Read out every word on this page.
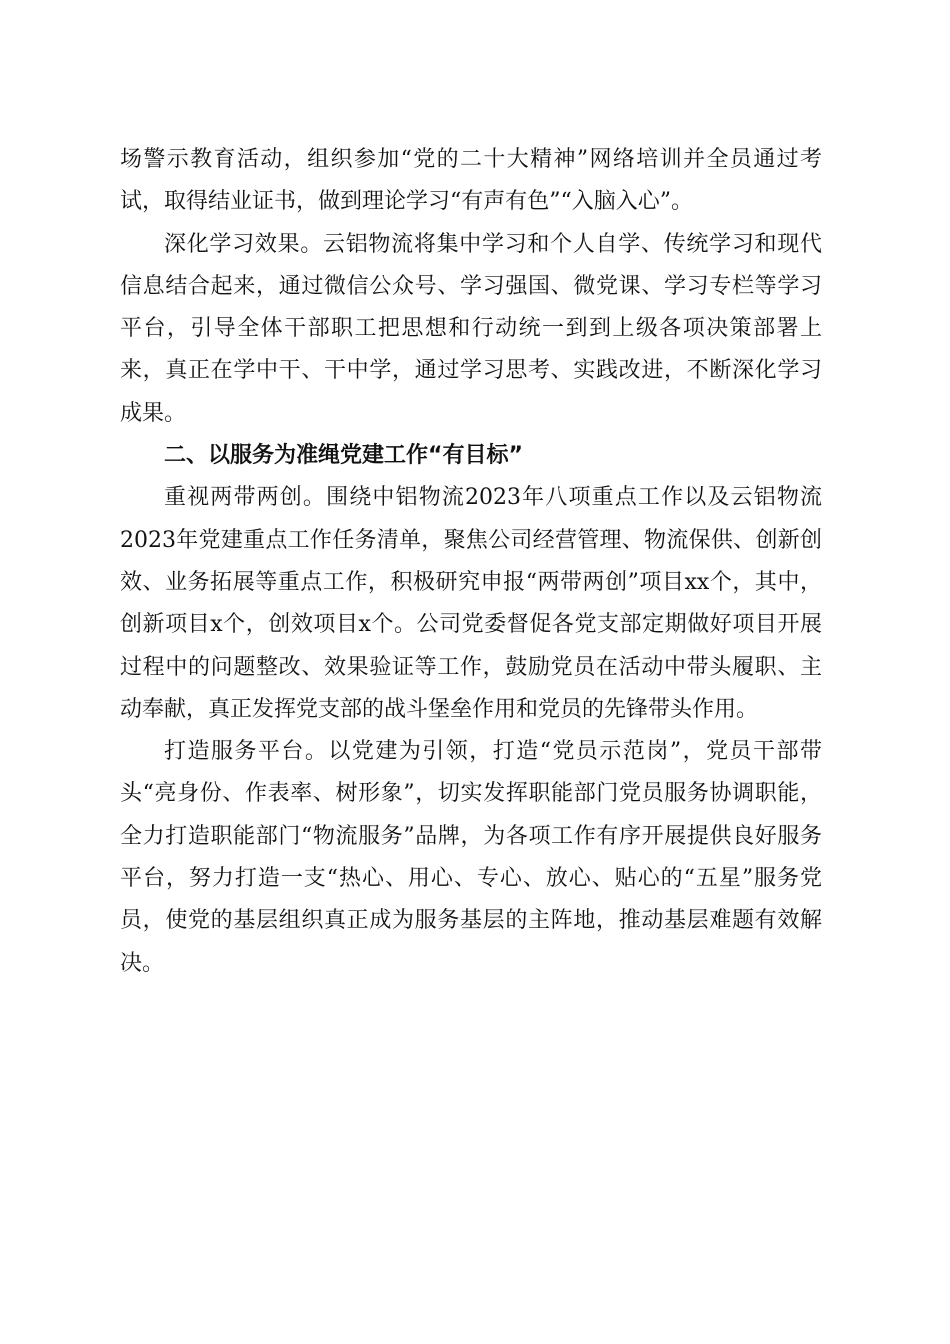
场警示教育活动，组织参加“党的二十大精神”网络培训并全员通过考试，取得结业证书，做到理论学习“有声有色”“入脑入心”。

深化学习效果。云铝物流将集中学习和个人自学、传统学习和现代信息结合起来，通过微信公众号、学习强国、微党课、学习专栏等学习平台，引导全体干部职工把思想和行动统一到到上级各项决策部署上来，真正在学中干、干中学，通过学习思考、实践改进，不断深化学习成果。

二、以服务为准绳党建工作“有目标”

重视两带两创。围绕中铝物流2023年八项重点工作以及云铝物流2023年党建重点工作任务清单，聚焦公司经营管理、物流保供、创新创效、业务拓展等重点工作，积极研究申报“两带两创”项目xx个，其中，创新项目x个，创效项目x个。公司党委督促各党支部定期做好项目开展过程中的问题整改、效果验证等工作，鼓励党员在活动中带头履职、主动奉献，真正发挥党支部的战斗堡垒作用和党员的先锋带头作用。

打造服务平台。以党建为引领，打造“党员示范岗”，党员干部带头“亮身份、作表率、树形象”，切实发挥职能部门党员服务协调职能，全力打造职能部门“物流服务”品牌，为各项工作有序开展提供良好服务平台，努力打造一支“热心、用心、专心、放心、贴心的“五星”服务党员，使党的基层组织真正成为服务基层的主阵地，推动基层难题有效解决。
